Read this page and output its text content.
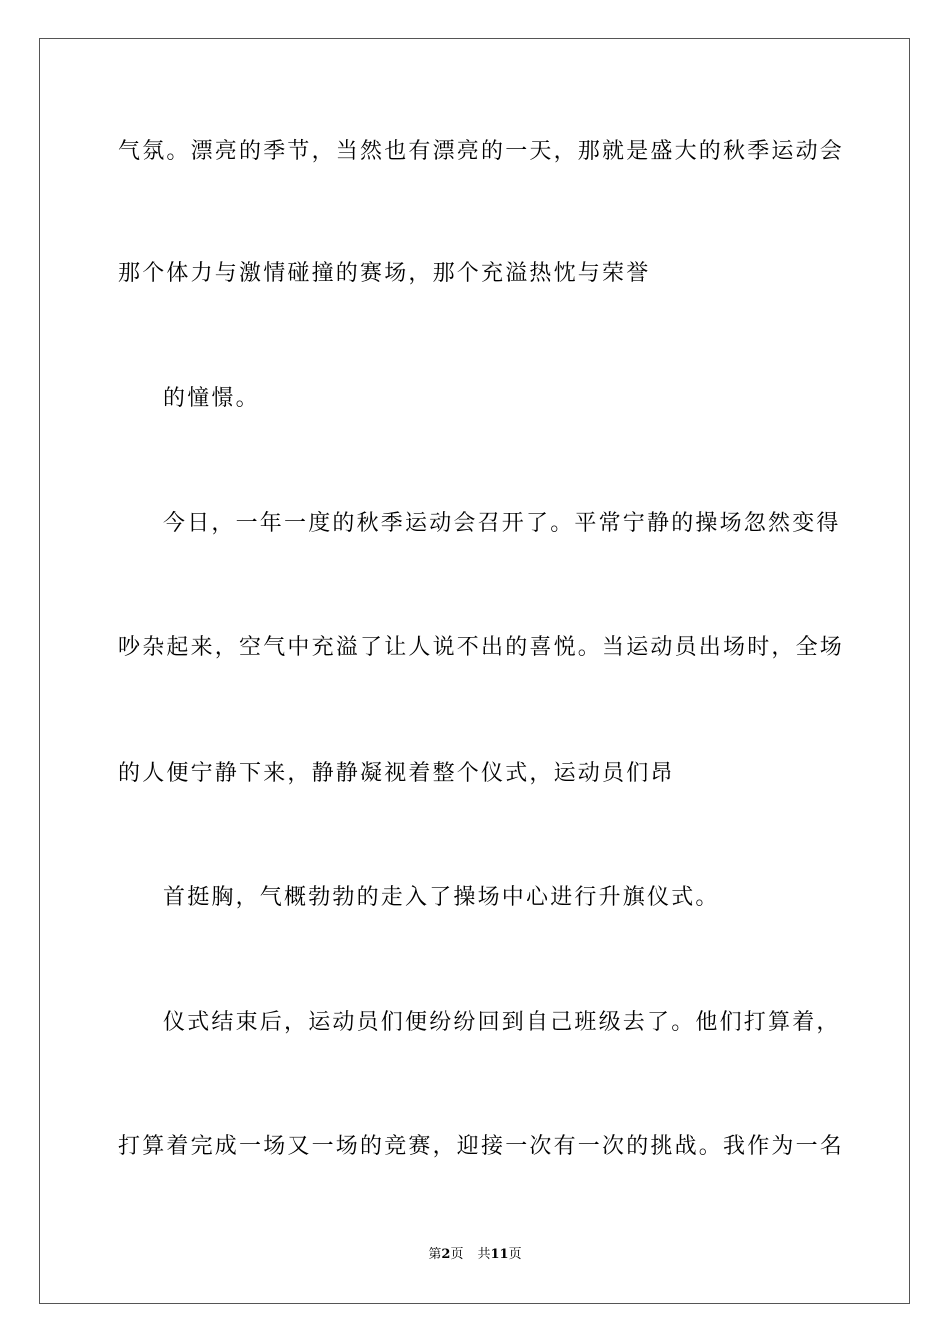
气氛。漂亮的季节，当然也有漂亮的一天，那就是盛大的秋季运动会
那个体力与激情碰撞的赛场，那个充溢热忱与荣誉
的憧憬。
今日，一年一度的秋季运动会召开了。平常宁静的操场忽然变得
吵杂起来，空气中充溢了让人说不出的喜悦。当运动员出场时，全场
的人便宁静下来，静静凝视着整个仪式，运动员们昂
首挺胸，气概勃勃的走入了操场中心进行升旗仪式。
仪式结束后，运动员们便纷纷回到自己班级去了。他们打算着，
打算着完成一场又一场的竞赛，迎接一次有一次的挑战。我作为一名
第2页 共11页
